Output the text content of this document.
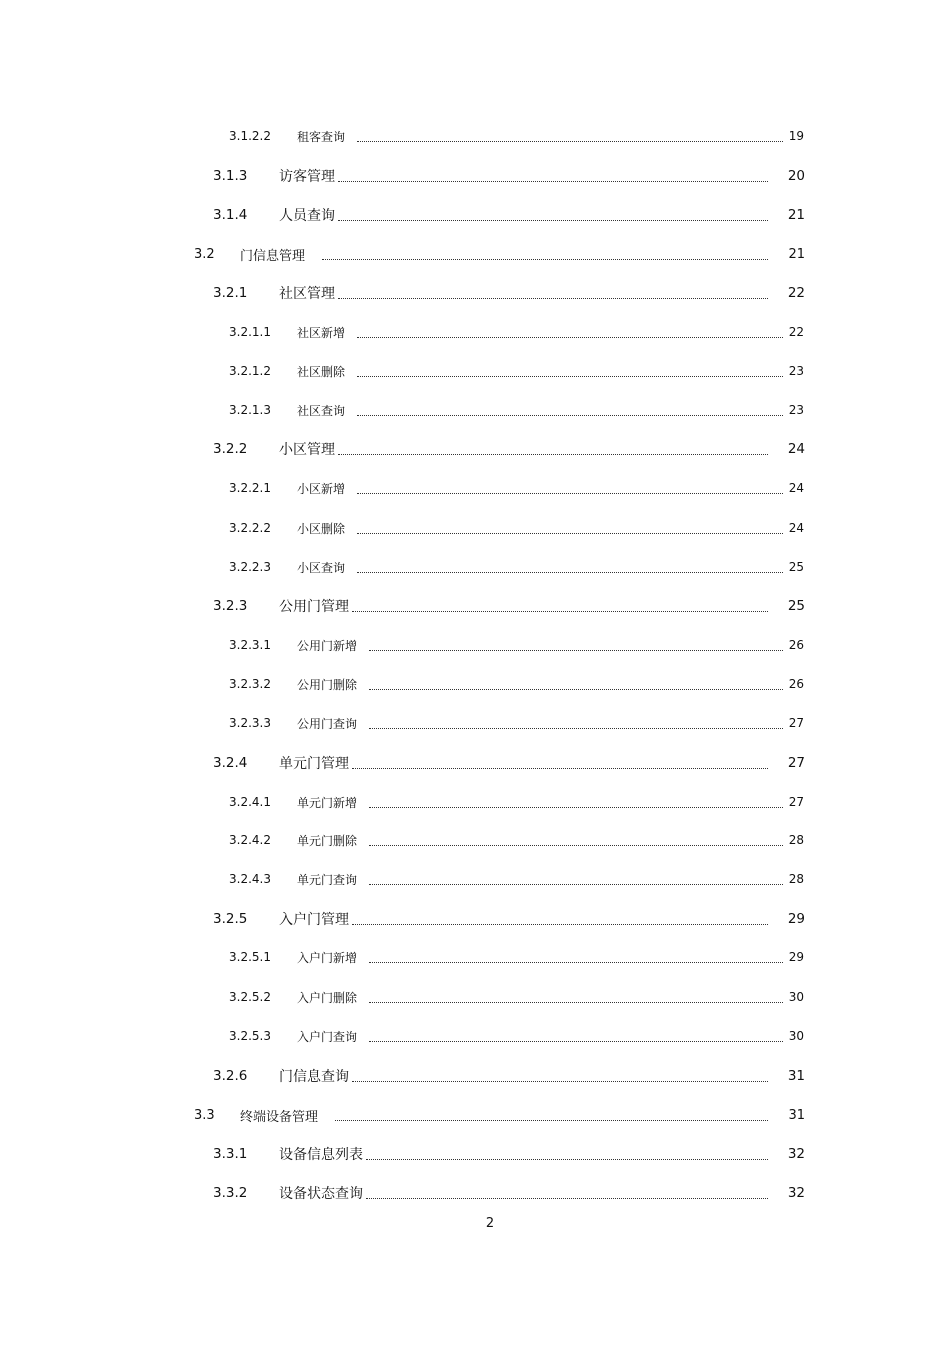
3.1.2.2	租客查询	19
3.1.3	访客管理	20
3.1.4	人员查询	21
3.2	门信息管理	21
3.2.1	社区管理	22
3.2.1.1	社区新增	22
3.2.1.2	社区删除	23
3.2.1.3	社区查询	23
3.2.2	小区管理	24
3.2.2.1	小区新增	24
3.2.2.2	小区删除	24
3.2.2.3	小区查询	25
3.2.3	公用门管理	25
3.2.3.1	公用门新增	26
3.2.3.2	公用门删除	26
3.2.3.3	公用门查询	27
3.2.4	单元门管理	27
3.2.4.1	单元门新增	27
3.2.4.2	单元门删除	28
3.2.4.3	单元门查询	28
3.2.5	入户门管理	29
3.2.5.1	入户门新增	29
3.2.5.2	入户门删除	30
3.2.5.3	入户门查询	30
3.2.6	门信息查询	31
3.3	终端设备管理	31
3.3.1	设备信息列表	32
3.3.2	设备状态查询	32
2
